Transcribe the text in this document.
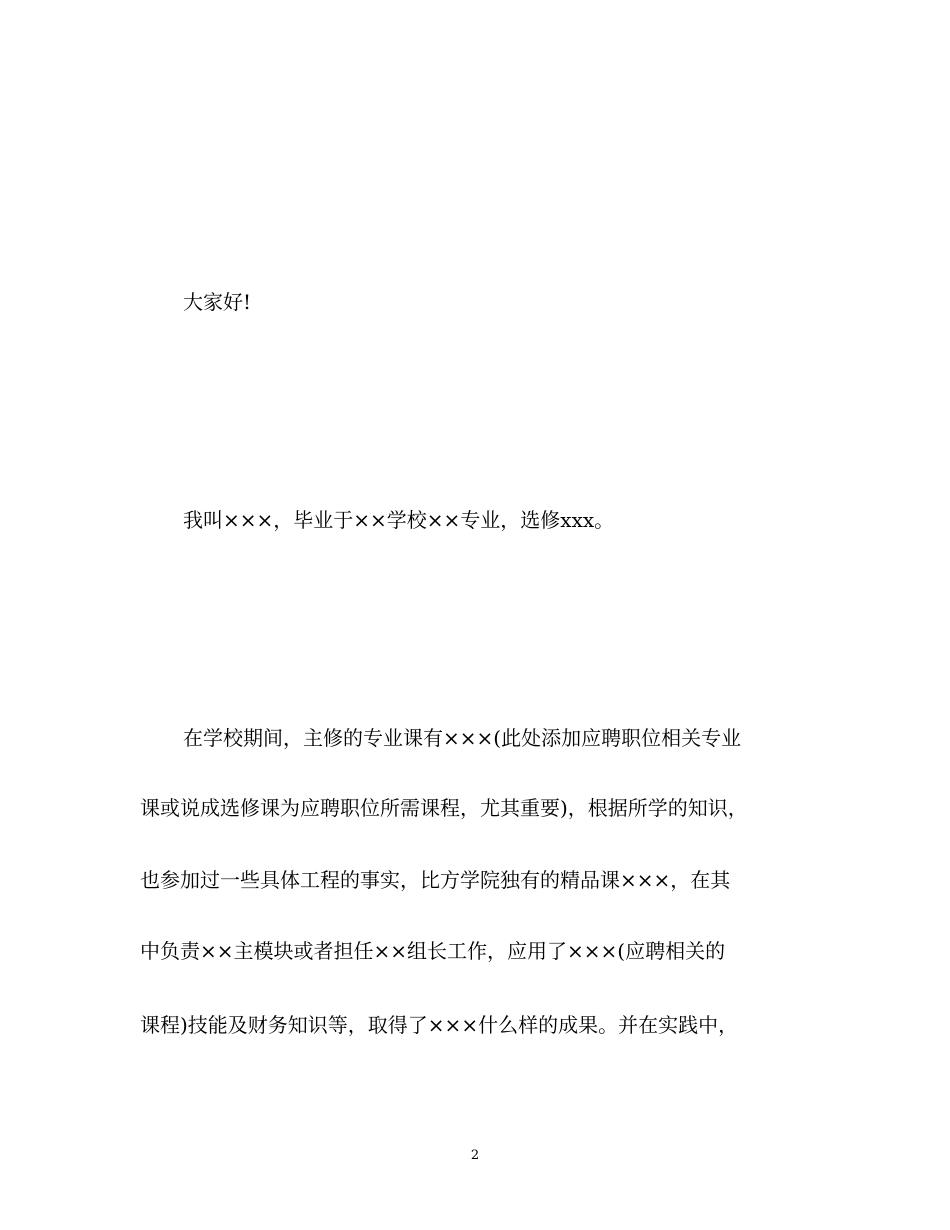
大家好!
我叫×××，毕业于××学校××专业，选修xxx。
在学校期间，主修的专业课有×××(此处添加应聘职位相关专业
课或说成选修课为应聘职位所需课程，尤其重要)，根据所学的知识，
也参加过一些具体工程的事实，比方学院独有的精品课×××，在其
中负责××主模块或者担任××组长工作，应用了×××(应聘相关的
课程)技能及财务知识等，取得了×××什么样的成果。并在实践中，
2
